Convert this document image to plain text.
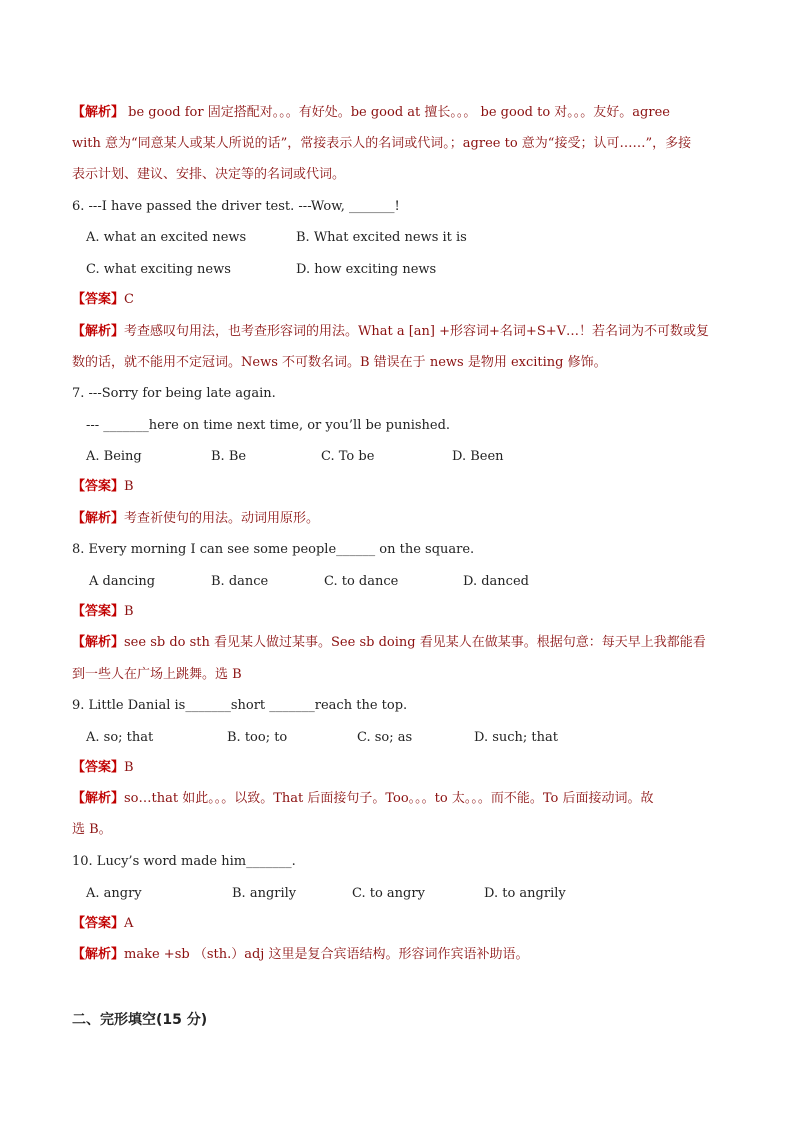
【解析】 be good for 固定搭配对。。。有好处。be good at 擅长。。。 be good to 对。。。友好。agree
with 意为“同意某人或某人所说的话”，常接表示人的名词或代词。；agree to 意为“接受；认可……”，多接
表示计划、建议、安排、决定等的名词或代词。
6. ---I have passed the driver test. ---Wow, _______!
A. what an excited news	B. What excited news it is
C. what exciting news	D. how exciting news
【答案】C
【解析】考查感叹句用法，也考查形容词的用法。What a [an] +形容词+名词+S+V…！若名词为不可数或复
数的话，就不能用不定冠词。News 不可数名词。B 错误在于 news 是物用 exciting 修饰。
7. ---Sorry for being late again.
--- _______here on time next time, or you’ll be punished.
A. Being	B. Be	C. To be	D. Been
【答案】B
【解析】考查祈使句的用法。动词用原形。
8. Every morning I can see some people______ on the square.
A dancing	B. dance	C. to dance	D. danced
【答案】B
【解析】see sb do sth 看见某人做过某事。See sb doing 看见某人在做某事。根据句意：每天早上我都能看
到一些人在广场上跳舞。选 B
9. Little Danial is_______short _______reach the top.
A. so; that	B. too; to	C. so; as	D. such; that
【答案】B
【解析】so…that 如此。。。以致。That 后面接句子。Too。。。to 太。。。而不能。To 后面接动词。故
选 B。
10. Lucy’s word made him_______.
A. angry	B. angrily	C. to angry	D. to angrily
【答案】A
【解析】make +sb （sth.）adj 这里是复合宾语结构。形容词作宾语补助语。
二、完形填空(15 分)
